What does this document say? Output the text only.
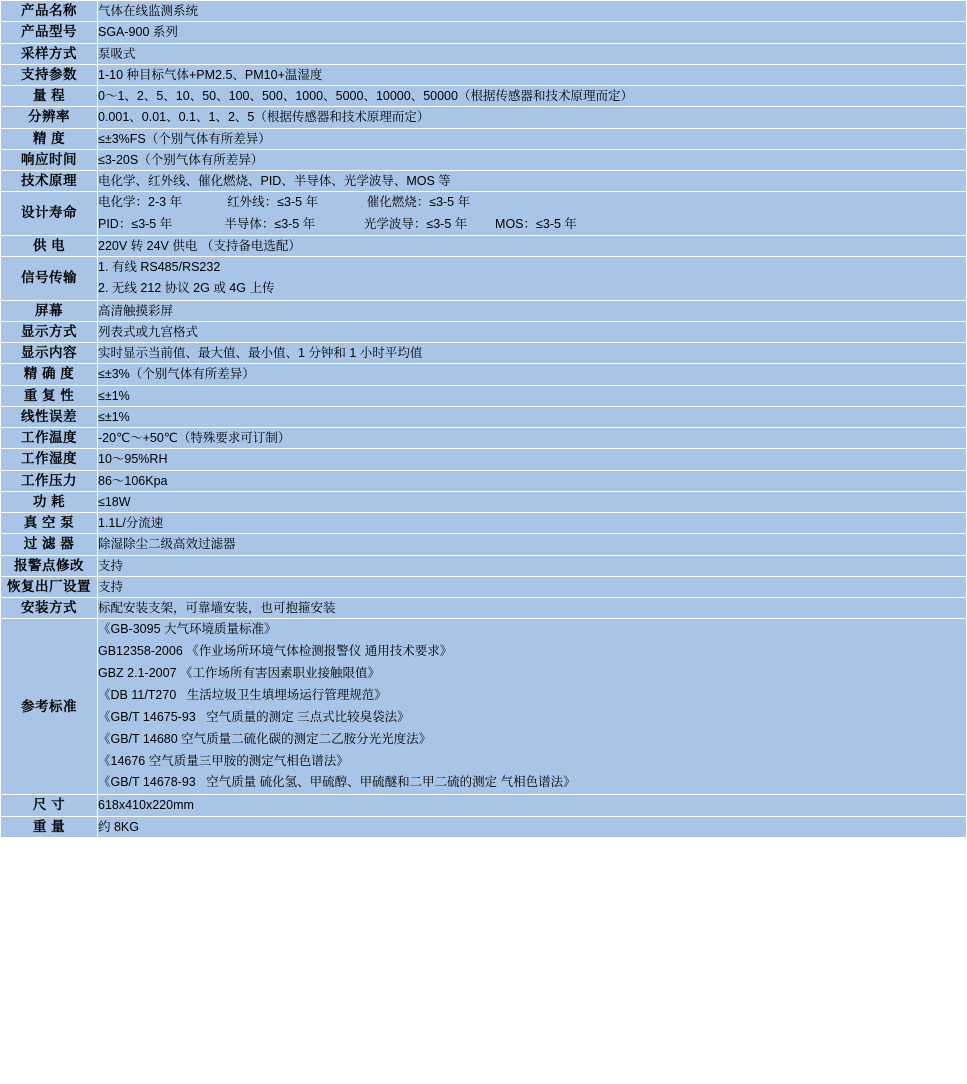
产品名称	气体在线监测系统
产品型号	SGA-900 系列
采样方式	泵吸式
支持参数	1-10 种目标气体+PM2.5、PM10+温湿度
量 程	0～1、2、5、10、50、100、500、1000、5000、10000、50000（根据传感器和技术原理而定）
分辨率	0.001、0.01、0.1、1、2、5（根据传感器和技术原理而定）
精 度	≤±3%FS（个别气体有所差异）
响应时间	≤3-20S（个别气体有所差异）
技术原理	电化学、红外线、催化燃烧、PID、半导体、光学波导、MOS 等
设计寿命	电化学：2-3 年             红外线：≤3-5 年              催化燃烧：≤3-5 年
PID：≤3-5 年               半导体：≤3-5 年              光学波导：≤3-5 年        MOS：≤3-5 年

供 电	220V 转 24V 供电 （支持备电选配）
信号传输	1. 有线 RS485/RS232
2. 无线 212 协议 2G 或 4G 上传

屏幕	高清触摸彩屏
显示方式	列表式或九宫格式
显示内容	实时显示当前值、最大值、最小值、1 分钟和 1 小时平均值
精 确 度	≤±3%（个别气体有所差异）
重 复 性	≤±1%
线性误差	≤±1%
工作温度	-20℃～+50℃（特殊要求可订制）
工作湿度	10～95%RH
工作压力	86～106Kpa
功 耗	≤18W
真 空 泵	1.1L/分流速
过 滤 器	除湿除尘二级高效过滤器
报警点修改	支持
恢复出厂设置	支持
安装方式	标配安装支架，可靠墙安装，也可抱箍安装
参考标准	
《GB-3095 大气环境质量标准》
GB12358-2006 《作业场所环境气体检测报警仪 通用技术要求》
GBZ 2.1-2007 《工作场所有害因素职业接触限值》
《DB 11/T270   生活垃圾卫生填埋场运行管理规范》
《GB/T 14675-93   空气质量的测定 三点式比较臭袋法》
《GB/T 14680 空气质量二硫化碳的测定二乙胺分光光度法》
《14676 空气质量三甲胺的测定气相色谱法》
《GB/T 14678-93   空气质量 硫化氢、甲硫醇、甲硫醚和二甲二硫的测定 气相色谱法》

尺 寸	618x410x220mm
重 量	约 8KG
